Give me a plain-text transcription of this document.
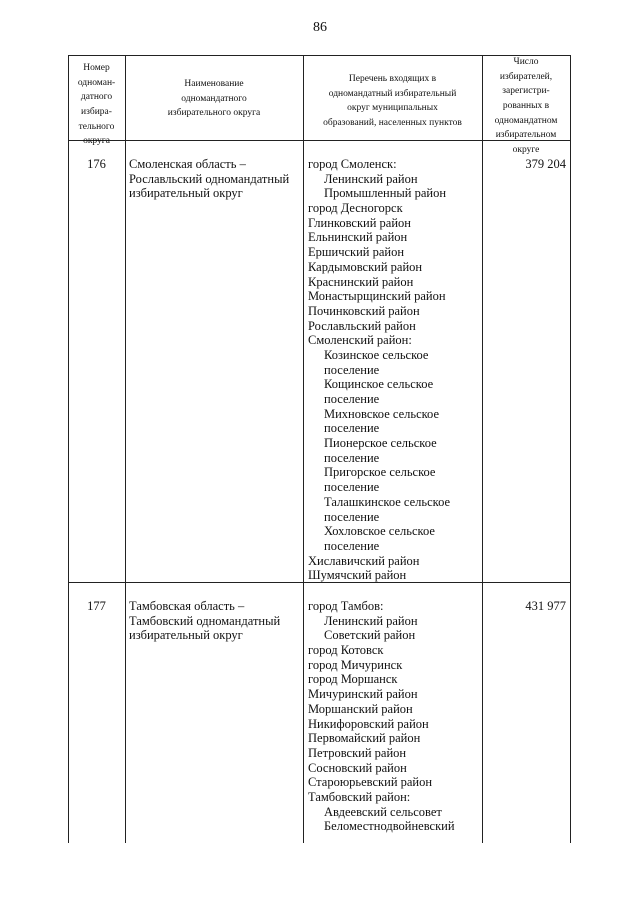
86
Номер
одноман-
датного
избира-
тельного
округа
Наименование
одномандатного
избирательного округа
Перечень входящих в
одномандатный избирательный
округ муниципальных
образований, населенных пунктов
Число
избирателей,
зарегистри-
рованных в
одномандатном
избирательном
округе
176	Смоленская область –
Рославльский одномандатный
избирательный округ
город Смоленск:
Ленинский район
Промышленный район
город Десногорск
Глинковский район
Ельнинский район
Ершичский район
Кардымовский район
Краснинский район
Монастырщинский район
Починковский район
Рославльский район
Смоленский район:
Козинское сельское
поселение
Кощинское сельское
поселение
Михновское сельское
поселение
Пионерское сельское
поселение
Пригорское сельское
поселение
Талашкинское сельское
поселение
Хохловское сельское
поселение
Хиславичский район
Шумячский район
379 204
177	Тамбовская область –
Тамбовский одномандатный
избирательный округ
город Тамбов:
Ленинский район
Советский район
город Котовск
город Мичуринск
город Моршанск
Мичуринский район
Моршанский район
Никифоровский район
Первомайский район
Петровский район
Сосновский район
Староюрьевский район
Тамбовский район:
Авдеевский сельсовет
Беломестнодвойневский
431 977
